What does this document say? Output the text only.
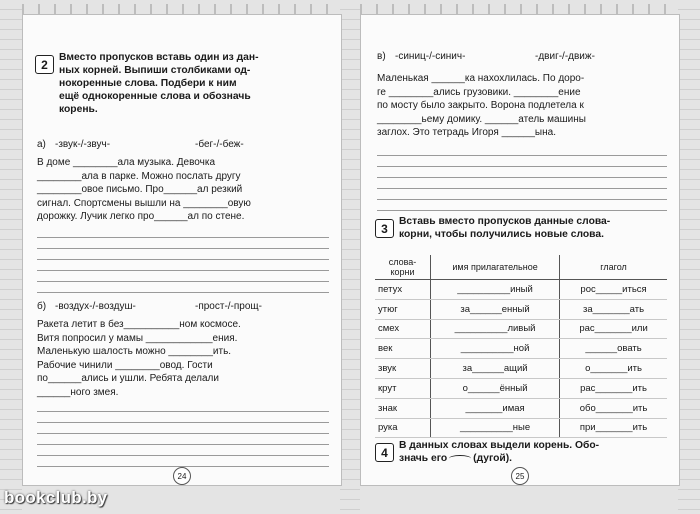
2	Вместо пропусков вставь один из дан-
ных корней. Выпиши столбиками од-
нокоренные слова. Подбери к ним
ещё однокоренные слова и обозначь
корень.
а) -звук-/-звуч-	-бег-/-беж-
В доме ________ала музыка. Девочка
________ала в парке. Можно послать другу
________овое письмо. Про______ал резкий
сигнал. Спортсмены вышли на ________овую
дорожку. Лучик легко про______ал по стене.
б) -воздух-/-воздуш-	-прост-/-прощ-
Ракета летит в без__________ном космосе.
Витя попросил у мамы ____________ения.
Маленькую шалость можно ________ить.
Рабочие чинили ________овод. Гости
по______ались и ушли. Ребята делали
______ного змея.
24
в) -синиц-/-синич-	-двиг-/-движ-
Маленькая ______ка нахохлилась. По доро-
ге ________ались грузовики. ________ение
по мосту было закрыто. Ворона подлетела к
________ьему домику. ______атель машины
заглох. Это тетрадь Игоря ______ына.
3	Вставь вместо пропусков данные слова-
корни, чтобы получились новые слова.
слова-корни	имя прилагательное	глагол
петух	__________иный	рос_____иться
утюг	за______енный	за_______ать
смех	__________ливый	рас_______или
век	__________ной	______овать
звук	за______ащий	о_______ить
крут	о______ённый	рас_______ить
знак	_______имая	обо_______ить
рука	__________ные	при_______ить
4	В данных словах выдели корень. Обо-
значь его	(дугой).
25
bookclub.by
